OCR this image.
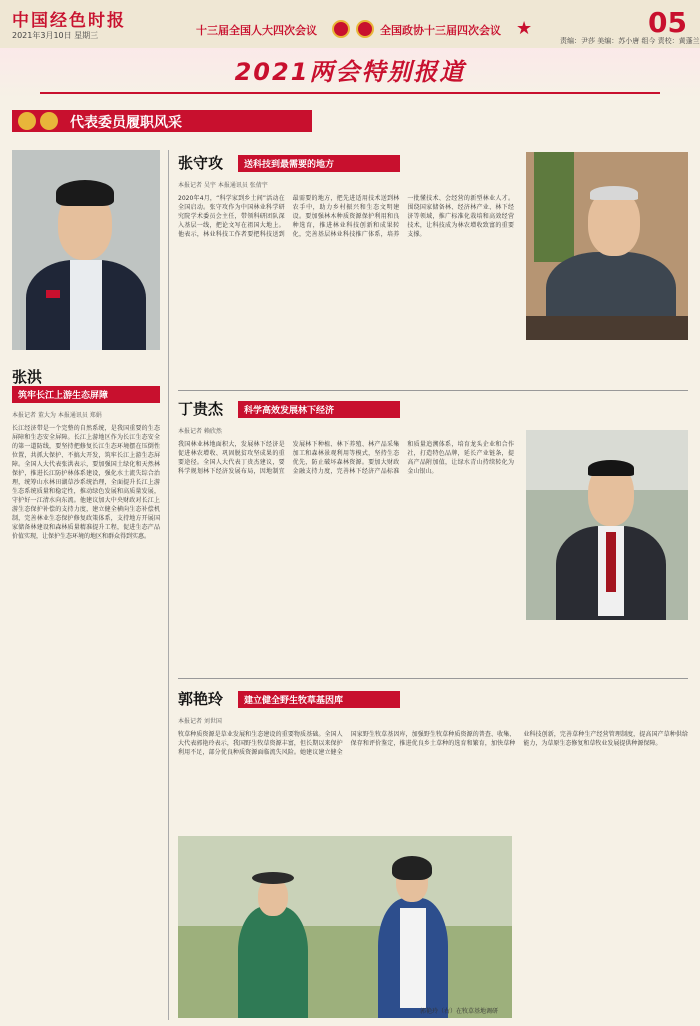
中国经色时报
2021年3月10日 星期三	十三届全国人大四次会议	全国政协十三届四次会议 ★	05
责编：尹莎 美编：苏小唐 组今 责校：黄蓬兰
2021两会特别报道
代表委员履职风采
张洪
筑牢长江上游生态屏障
本报记者 董大为 本报通讯员 郑娟
长江经济带是一个完整的自然系统，是我国重要的生态屏障和生态安全屏障。长江上游地区作为长江生态安全的第一道防线，要坚持把修复长江生态环境摆在压倒性位置，共抓大保护、不搞大开发，筑牢长江上游生态屏障。全国人大代表张洪表示，要加强国土绿化和天然林保护，推进长江防护林体系建设，强化水土流失综合治理，统筹山水林田湖草沙系统治理，全面提升长江上游生态系统质量和稳定性，推动绿色发展和高质量发展，守护好一江清水向东流。他建议加大中央财政对长江上游生态保护补偿的支持力度，建立健全横向生态补偿机制，完善林业生态保护修复政策体系，支持地方开展国家储备林建设和森林质量精准提升工程，促进生态产品价值实现，让保护生态环境的地区和群众得到实惠。
张守攻	送科技到最需要的地方
本报记者 吴宇 本报通讯员 张倩宇
2020年4月，“科学家到乡土间”活动在全国启动。张守攻作为中国林业科学研究院学术委员会主任，带领科研团队深入基层一线，把论文写在祖国大地上。他表示，林业科技工作者要把科技送到最需要的地方，把先进适用技术送到林农手中，助力乡村振兴和生态文明建设。要加强林木种质资源保护利用和良种选育，推进林业科技创新和成果转化，完善基层林业科技推广体系，培养一批懂技术、会经营的新型林业人才。围绕国家储备林、经济林产业、林下经济等领域，推广标准化栽培和高效经营技术，让科技成为林农增收致富的重要支撑。
丁贵杰	科学高效发展林下经济
本报记者 赖欣然
我国林业林地面积大，发展林下经济是促进林农增收、巩固脱贫攻坚成果的重要途径。全国人大代表丁贵杰建议，要科学规划林下经济发展布局，因地制宜发展林下种植、林下养殖、林产品采集加工和森林景观利用等模式，坚持生态优先，防止破坏森林资源。要加大财政金融支持力度，完善林下经济产品标准和质量追溯体系，培育龙头企业和合作社，打造特色品牌，延长产业链条，提高产品附加值，让绿水青山持续转化为金山银山。
郭艳玲	建立健全野生牧草基因库
本报记者 刘世国
牧草种质资源是草业发展和生态建设的重要物质基础。全国人大代表郭艳玲表示，我国野生牧草资源丰富，但长期以来保护利用不足，部分优良种质资源面临流失风险。她建议建立健全国家野生牧草基因库，加强野生牧草种质资源的普查、收集、保存和评价鉴定，推进优良乡土草种的选育和繁育，加快草种业科技创新，完善草种生产经营管理制度，提高国产草种供给能力，为草原生态修复和草牧业发展提供种源保障。
郭艳玲（右）在牧草基地调研
